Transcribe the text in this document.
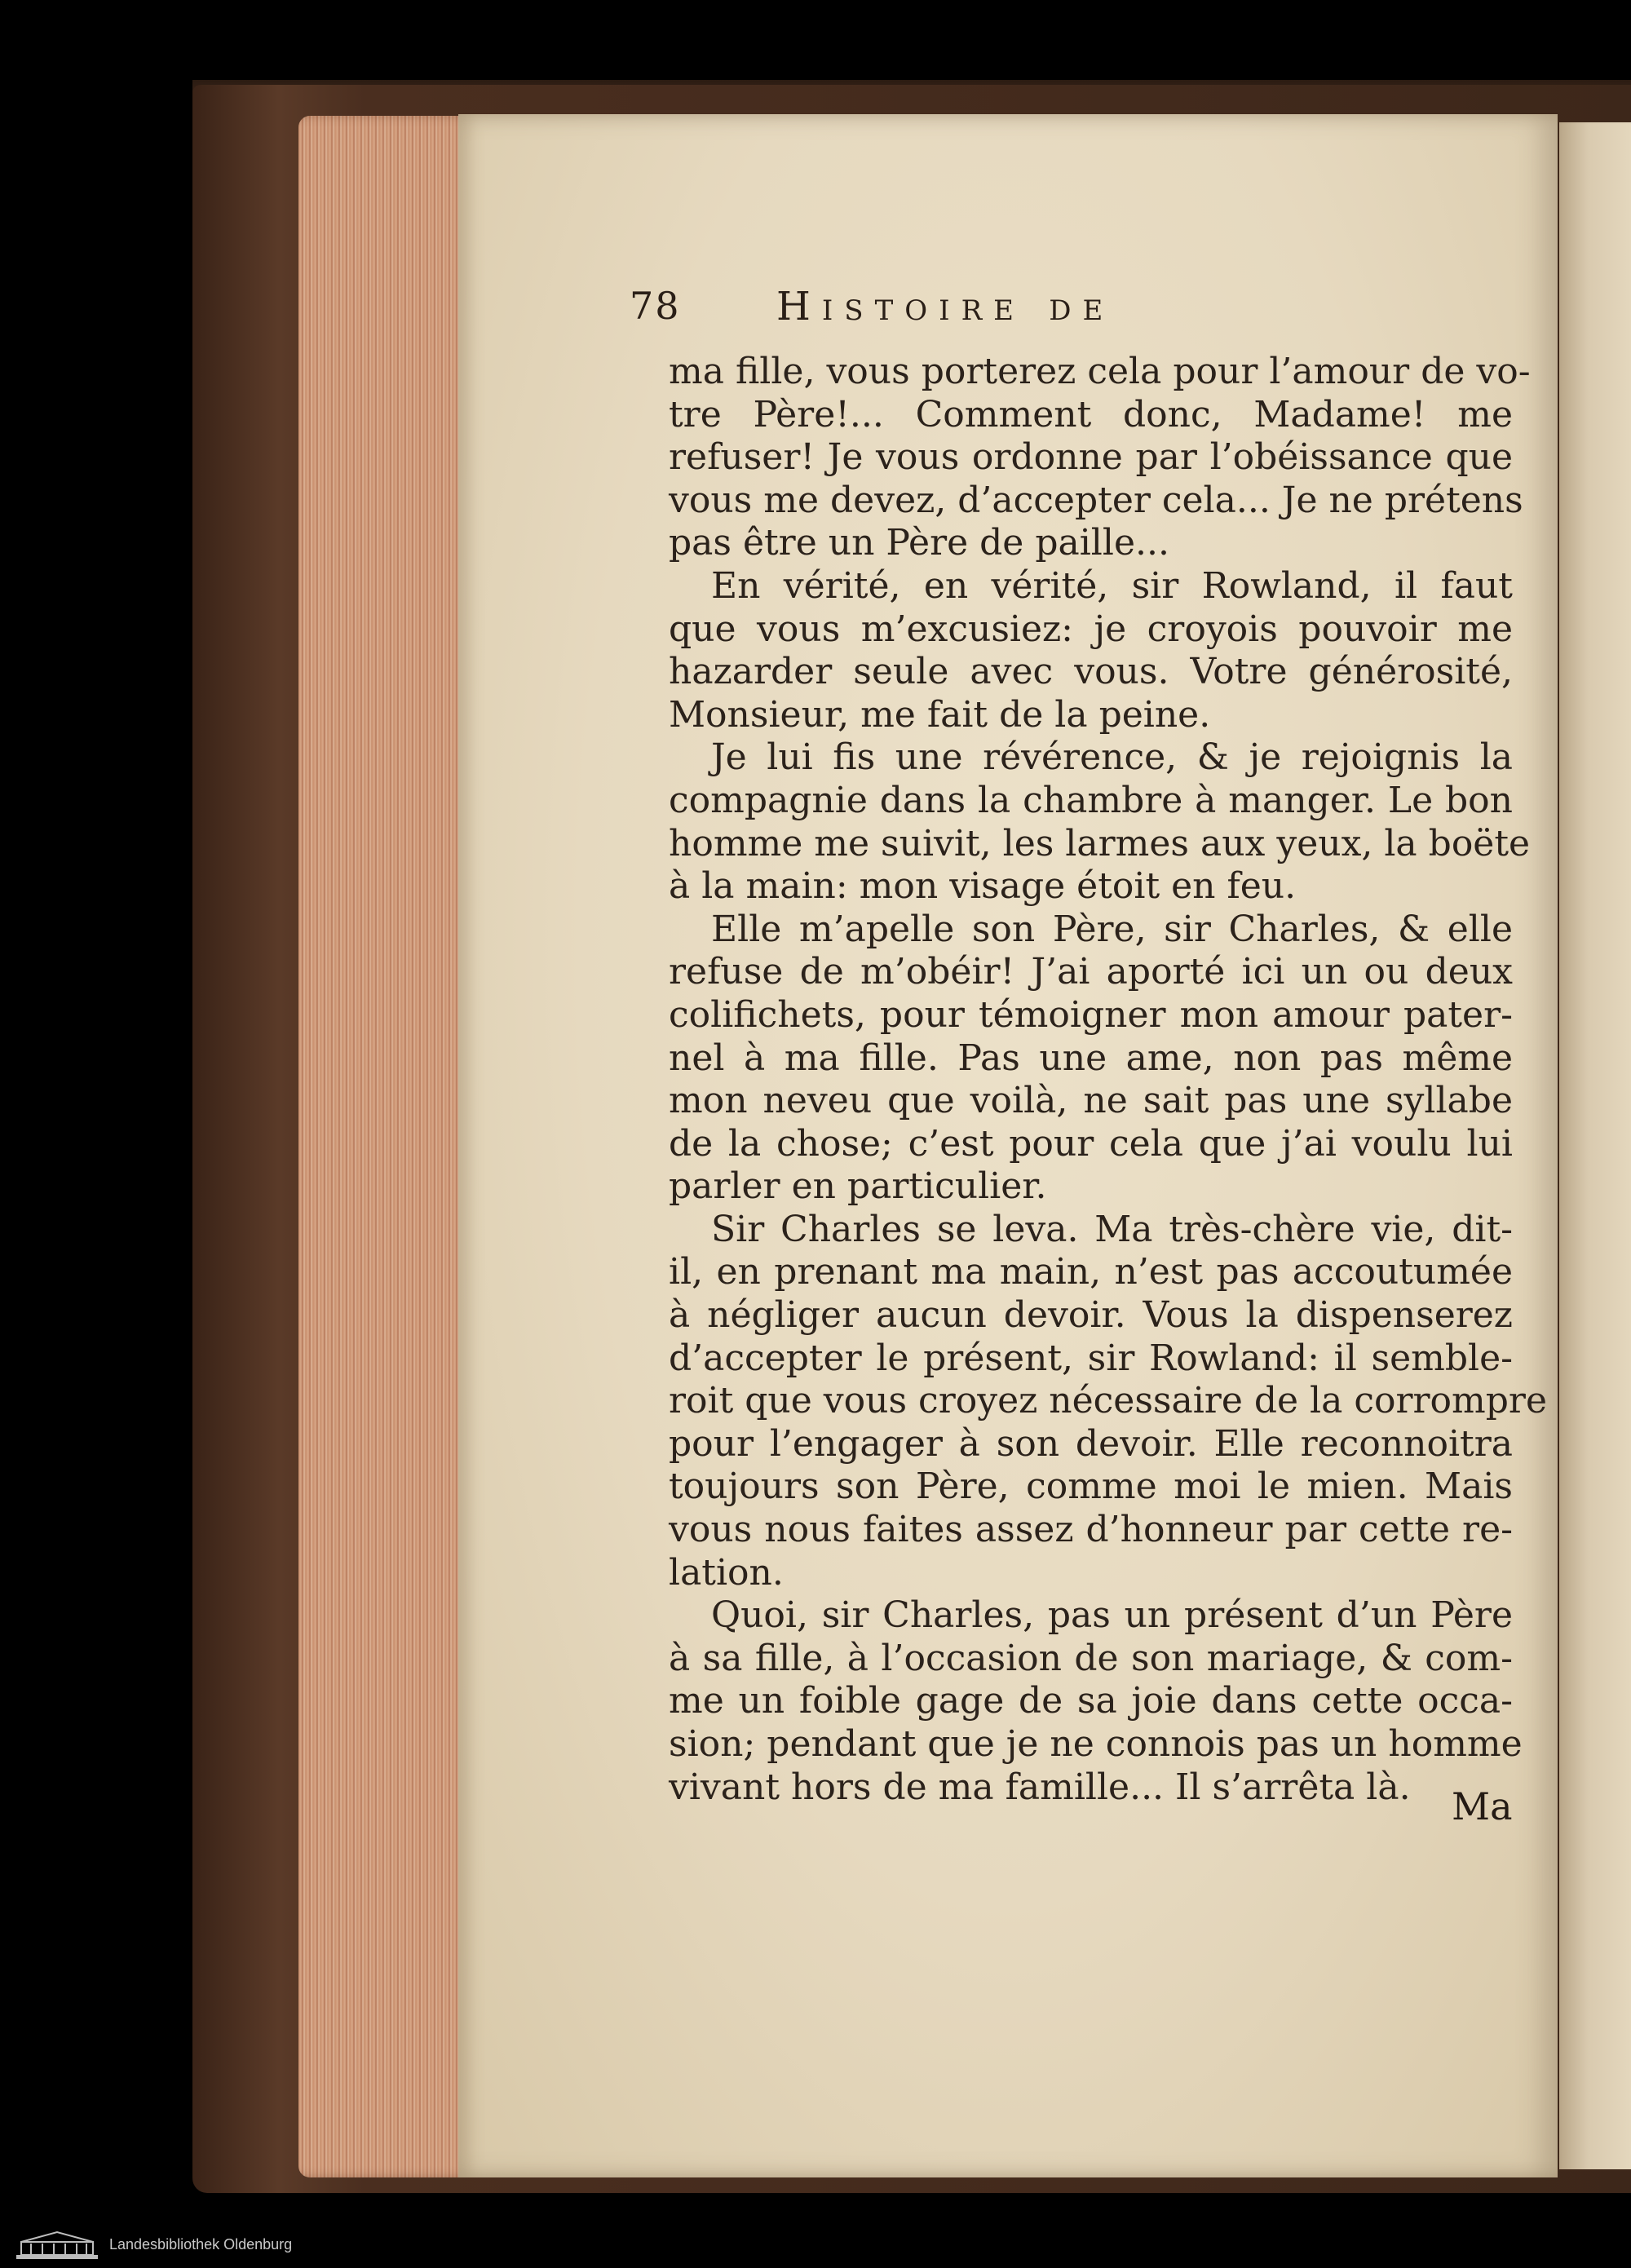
78 Histoire de
ma fille, vous porterez cela pour l’amour de vo-
tre Père!... Comment donc, Madame! me
refuser! Je vous ordonne par l’obéissance que
vous me devez, d’accepter cela... Je ne prétens
pas être un Père de paille...
En vérité, en vérité, sir Rowland, il faut
que vous m’excusiez: je croyois pouvoir me
hazarder seule avec vous. Votre générosité,
Monsieur, me fait de la peine.
Je lui fis une révérence, & je rejoignis la
compagnie dans la chambre à manger. Le bon
homme me suivit, les larmes aux yeux, la boëte
à la main: mon visage étoit en feu.
Elle m’apelle son Père, sir Charles, & elle
refuse de m’obéir! J’ai aporté ici un ou deux
colifichets, pour témoigner mon amour pater-
nel à ma fille. Pas une ame, non pas même
mon neveu que voilà, ne sait pas une syllabe
de la chose; c’est pour cela que j’ai voulu lui
parler en particulier.
Sir Charles se leva. Ma très-chère vie, dit-
il, en prenant ma main, n’est pas accoutumée
à négliger aucun devoir. Vous la dispenserez
d’accepter le présent, sir Rowland: il semble-
roit que vous croyez nécessaire de la corrompre
pour l’engager à son devoir. Elle reconnoitra
toujours son Père, comme moi le mien. Mais
vous nous faites assez d’honneur par cette re-
lation.
Quoi, sir Charles, pas un présent d’un Père
à sa fille, à l’occasion de son mariage, & com-
me un foible gage de sa joie dans cette occa-
sion; pendant que je ne connois pas un homme
vivant hors de ma famille... Il s’arrêta là.	Ma
Landesbibliothek Oldenburg
